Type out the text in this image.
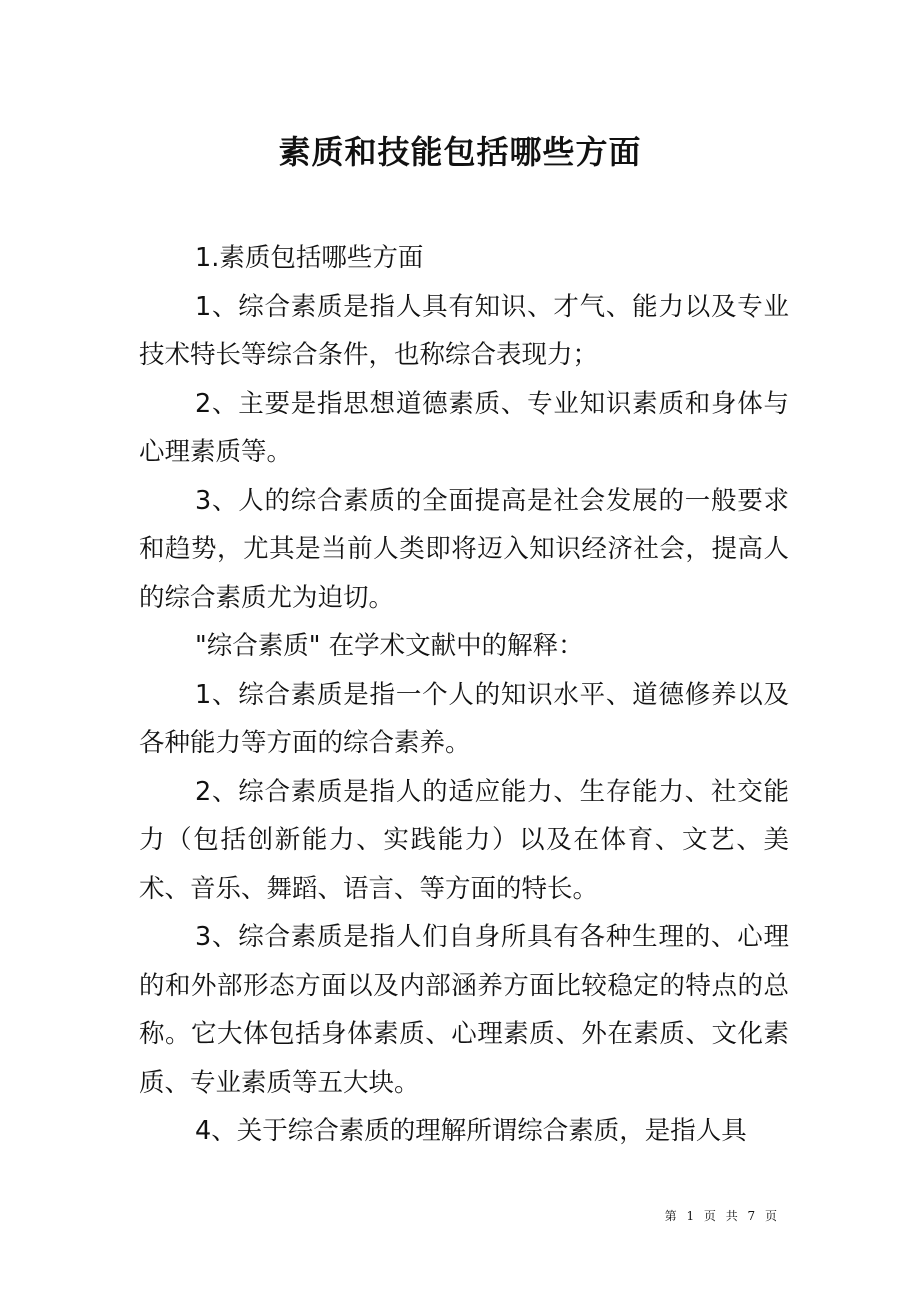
素质和技能包括哪些方面

1.素质包括哪些方面

1、综合素质是指人具有知识、才气、能力以及专业技术特长等综合条件，也称综合表现力；

2、主要是指思想道德素质、专业知识素质和身体与心理素质等。

3、人的综合素质的全面提高是社会发展的一般要求和趋势，尤其是当前人类即将迈入知识经济社会，提高人的综合素质尤为迫切。

"综合素质" 在学术文献中的解释：

1、综合素质是指一个人的知识水平、道德修养以及各种能力等方面的综合素养。

2、综合素质是指人的适应能力、生存能力、社交能力（包括创新能力、实践能力）以及在体育、文艺、美术、音乐、舞蹈、语言、等方面的特长。

3、综合素质是指人们自身所具有各种生理的、心理的和外部形态方面以及内部涵养方面比较稳定的特点的总称。它大体包括身体素质、心理素质、外在素质、文化素质、专业素质等五大块。

4、关于综合素质的理解所谓综合素质，是指人具

第 1 页 共 7 页
